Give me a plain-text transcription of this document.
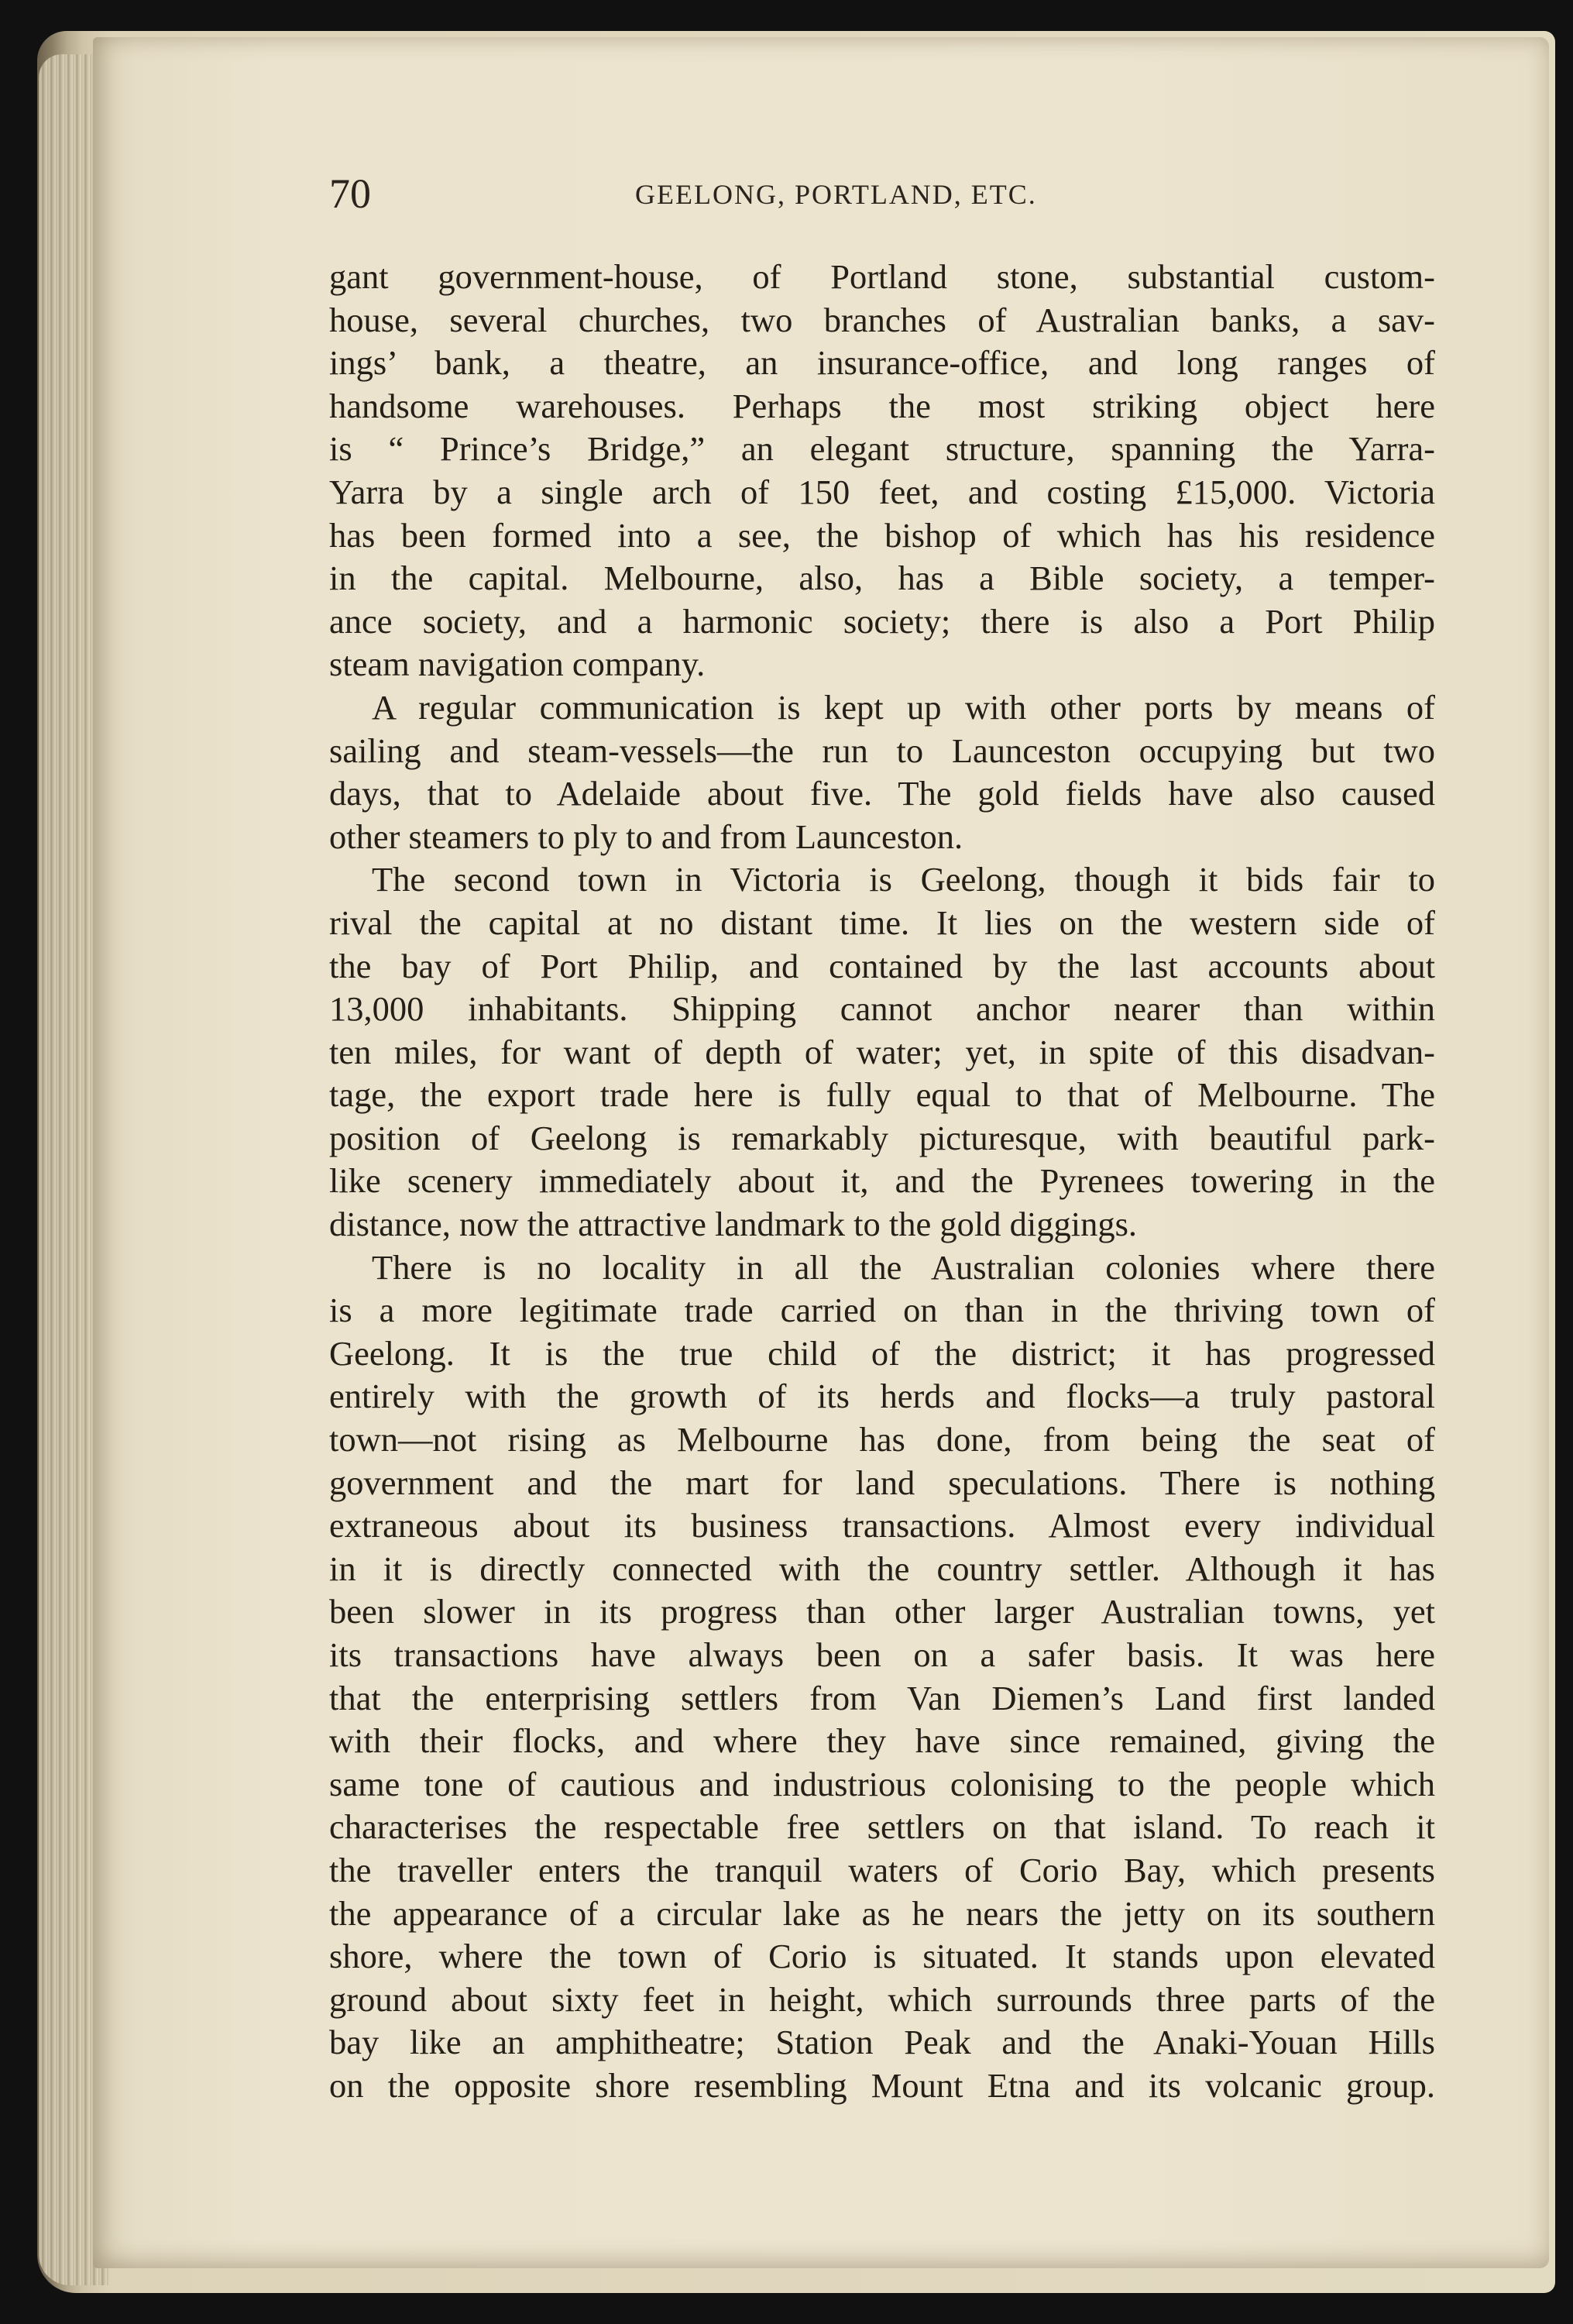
70	GEELONG, PORTLAND, ETC.
gant government-house, of Portland stone, substantial custom-
house, several churches, two branches of Australian banks, a sav-
ings’ bank, a theatre, an insurance-office, and long ranges of
handsome warehouses. Perhaps the most striking object here
is “ Prince’s Bridge,” an elegant structure, spanning the Yarra-
Yarra by a single arch of 150 feet, and costing £15,000. Victoria
has been formed into a see, the bishop of which has his residence
in the capital. Melbourne, also, has a Bible society, a temper-
ance society, and a harmonic society; there is also a Port Philip
steam navigation company.
A regular communication is kept up with other ports by means of
sailing and steam-vessels—the run to Launceston occupying but two
days, that to Adelaide about five. The gold fields have also caused
other steamers to ply to and from Launceston.
The second town in Victoria is Geelong, though it bids fair to
rival the capital at no distant time. It lies on the western side of
the bay of Port Philip, and contained by the last accounts about
13,000 inhabitants. Shipping cannot anchor nearer than within
ten miles, for want of depth of water; yet, in spite of this disadvan-
tage, the export trade here is fully equal to that of Melbourne. The
position of Geelong is remarkably picturesque, with beautiful park-
like scenery immediately about it, and the Pyrenees towering in the
distance, now the attractive landmark to the gold diggings.
There is no locality in all the Australian colonies where there
is a more legitimate trade carried on than in the thriving town of
Geelong. It is the true child of the district; it has progressed
entirely with the growth of its herds and flocks—a truly pastoral
town—not rising as Melbourne has done, from being the seat of
government and the mart for land speculations. There is nothing
extraneous about its business transactions. Almost every individual
in it is directly connected with the country settler. Although it has
been slower in its progress than other larger Australian towns, yet
its transactions have always been on a safer basis. It was here
that the enterprising settlers from Van Diemen’s Land first landed
with their flocks, and where they have since remained, giving the
same tone of cautious and industrious colonising to the people which
characterises the respectable free settlers on that island. To reach it
the traveller enters the tranquil waters of Corio Bay, which presents
the appearance of a circular lake as he nears the jetty on its southern
shore, where the town of Corio is situated. It stands upon elevated
ground about sixty feet in height, which surrounds three parts of the
bay like an amphitheatre; Station Peak and the Anaki-Youan Hills
on the opposite shore resembling Mount Etna and its volcanic group.
